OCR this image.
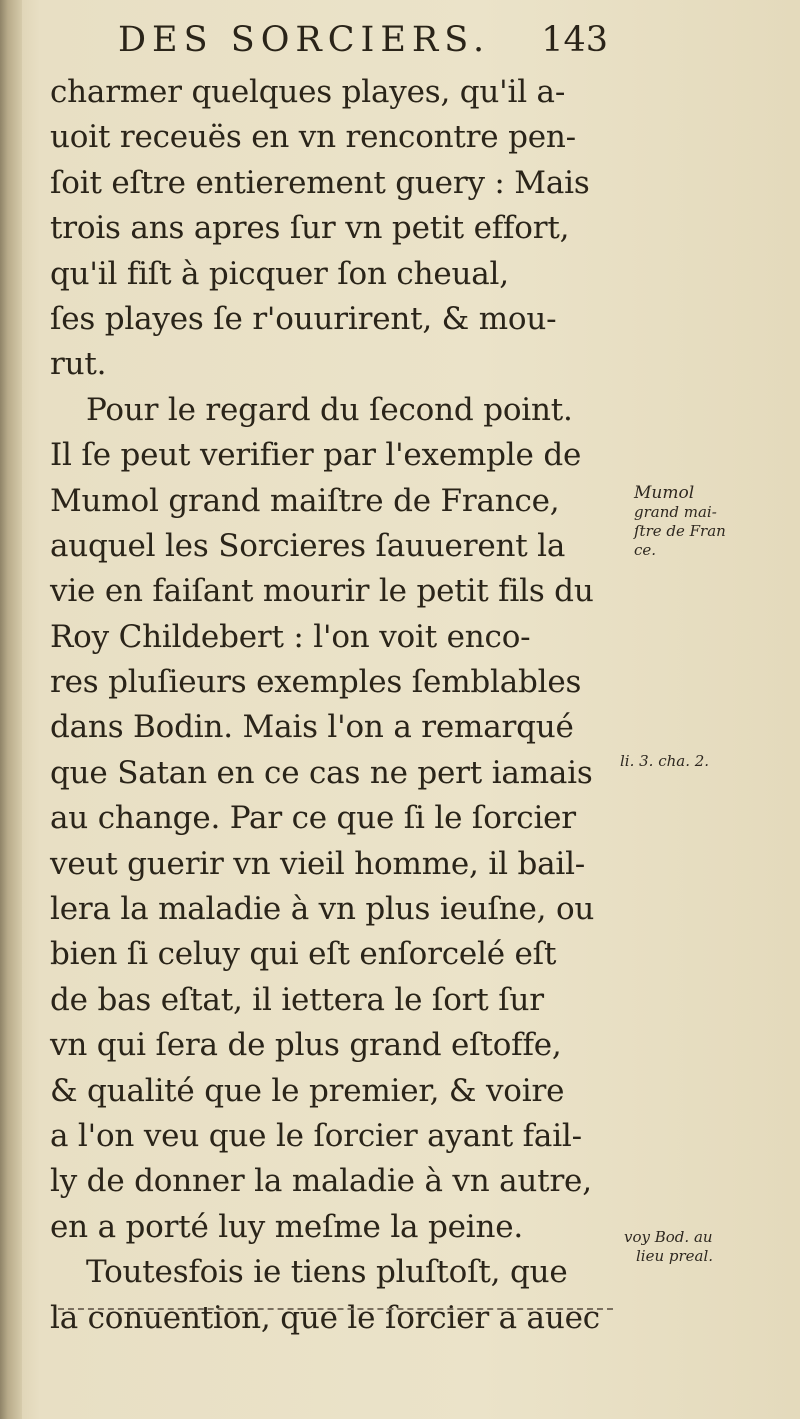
DES SORCIERS. 143
charmer quelques playes, qu'il a-
uoit receuës en vn rencontre pen-
ſoit eſtre entierement guery : Mais
trois ans apres ſur vn petit effort,
qu'il fiſt à picquer ſon cheual,
ſes playes ſe r'ouurirent, & mou-
rut.
Pour le regard du ſecond point.
Il ſe peut verifier par l'exemple de
Mumol grand maiſtre de France,
auquel les Sorcieres ſauuerent la
vie en faiſant mourir le petit fils du
Roy Childebert : l'on voit enco-
res pluſieurs exemples ſemblables
dans Bodin. Mais l'on a remarqué
que Satan en ce cas ne pert iamais
au change. Par ce que ſi le ſorcier
veut guerir vn vieil homme, il bail-
lera la maladie à vn plus ieuſne, ou
bien ſi celuy qui eſt enſorcelé eſt
de bas eſtat, il iettera le ſort ſur
vn qui ſera de plus grand eſtoffe,
& qualité que le premier, & voire
a l'on veu que le ſorcier ayant fail-
ly de donner la maladie à vn autre,
en a porté luy meſme la peine.
Toutesfois ie tiens pluſtoſt, que
la conuention, que le ſorcier a auec
Mumol
grand mai-
ſtre de Fran
ce.
li. 3. cha. 2.
voy Bod. au
lieu preal.
